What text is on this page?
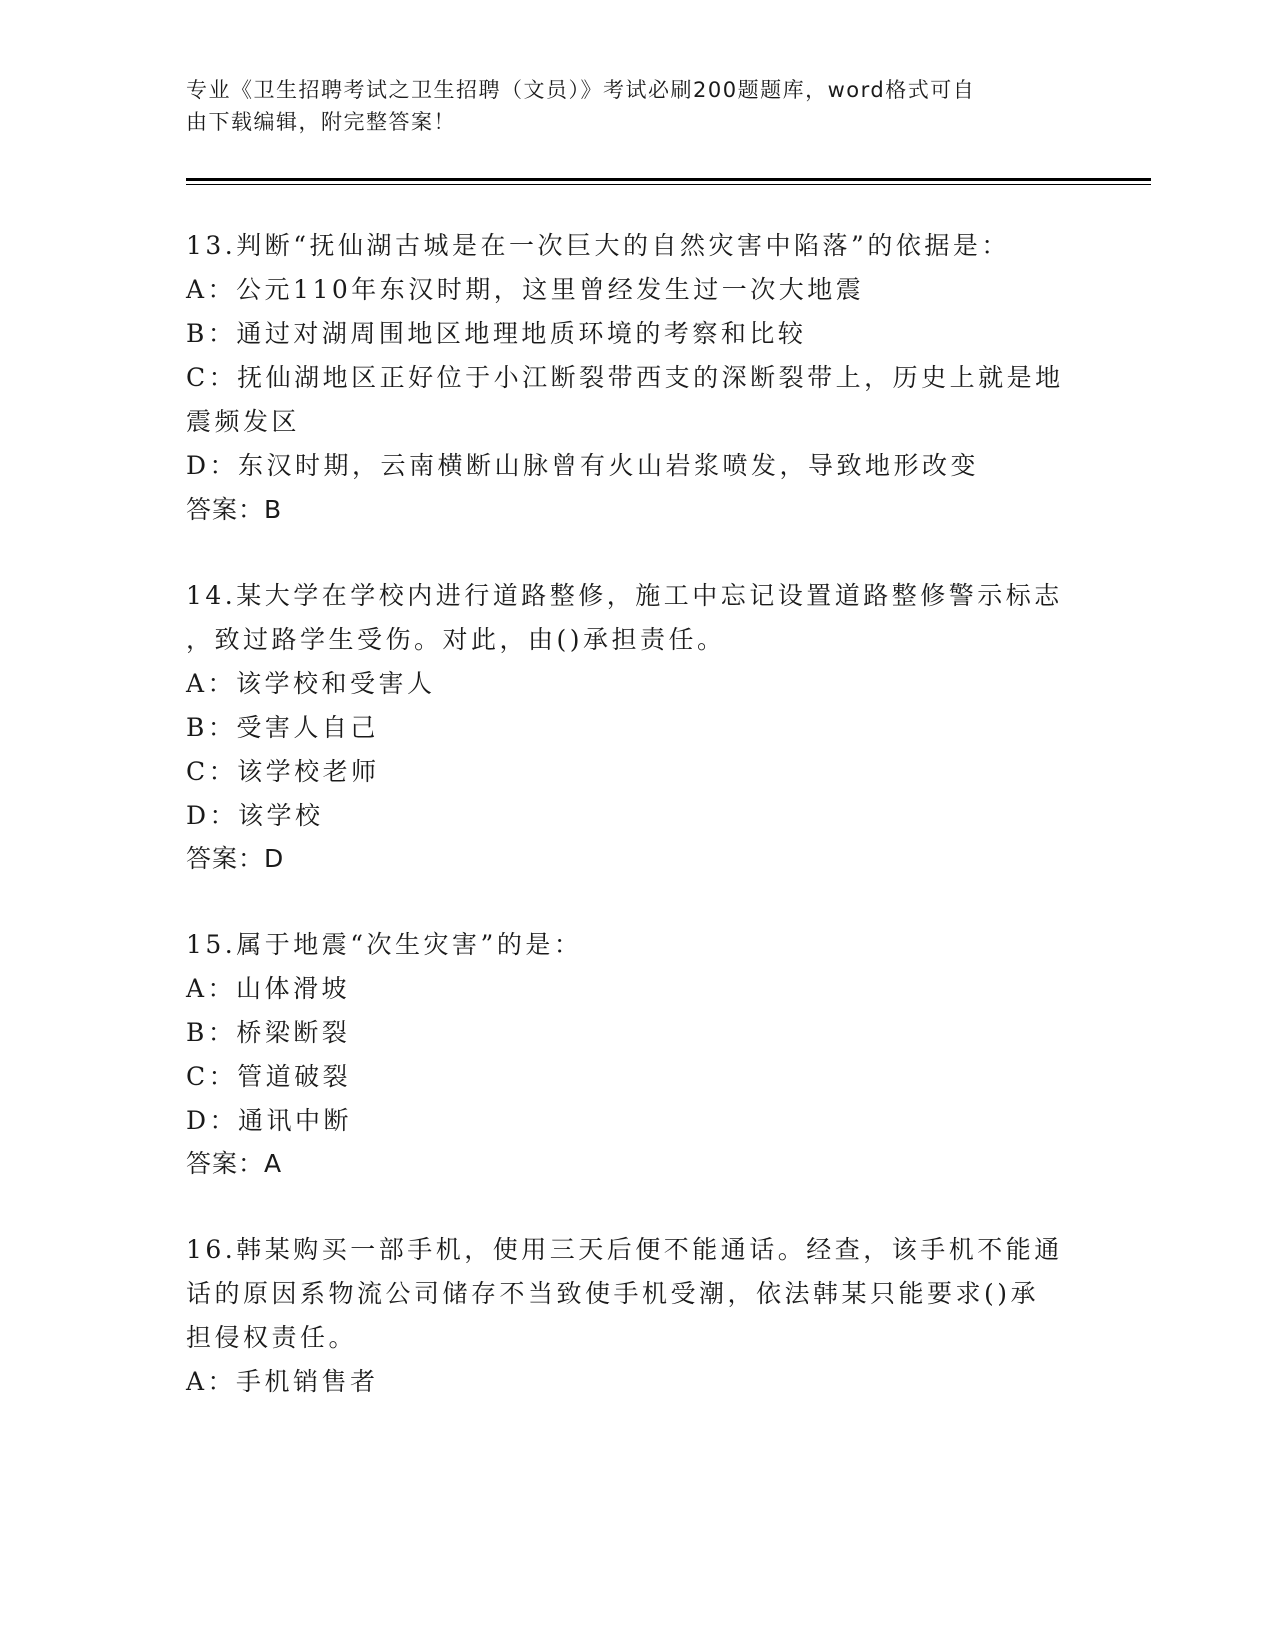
专业《卫生招聘考试之卫生招聘（文员）》考试必刷200题题库，word格式可自
由下载编辑，附完整答案！
13.判断“抚仙湖古城是在一次巨大的自然灾害中陷落”的依据是：
A：公元110年东汉时期，这里曾经发生过一次大地震
B：通过对湖周围地区地理地质环境的考察和比较
C：抚仙湖地区正好位于小江断裂带西支的深断裂带上，历史上就是地
震频发区
D：东汉时期，云南横断山脉曾有火山岩浆喷发，导致地形改变
答案：B
14.某大学在学校内进行道路整修，施工中忘记设置道路整修警示标志
，致过路学生受伤。对此，由()承担责任。
A：该学校和受害人
B：受害人自己
C：该学校老师
D：该学校
答案：D
15.属于地震“次生灾害”的是：
A：山体滑坡
B：桥梁断裂
C：管道破裂
D：通讯中断
答案：A
16.韩某购买一部手机，使用三天后便不能通话。经查，该手机不能通
话的原因系物流公司储存不当致使手机受潮，依法韩某只能要求()承
担侵权责任。
A：手机销售者
